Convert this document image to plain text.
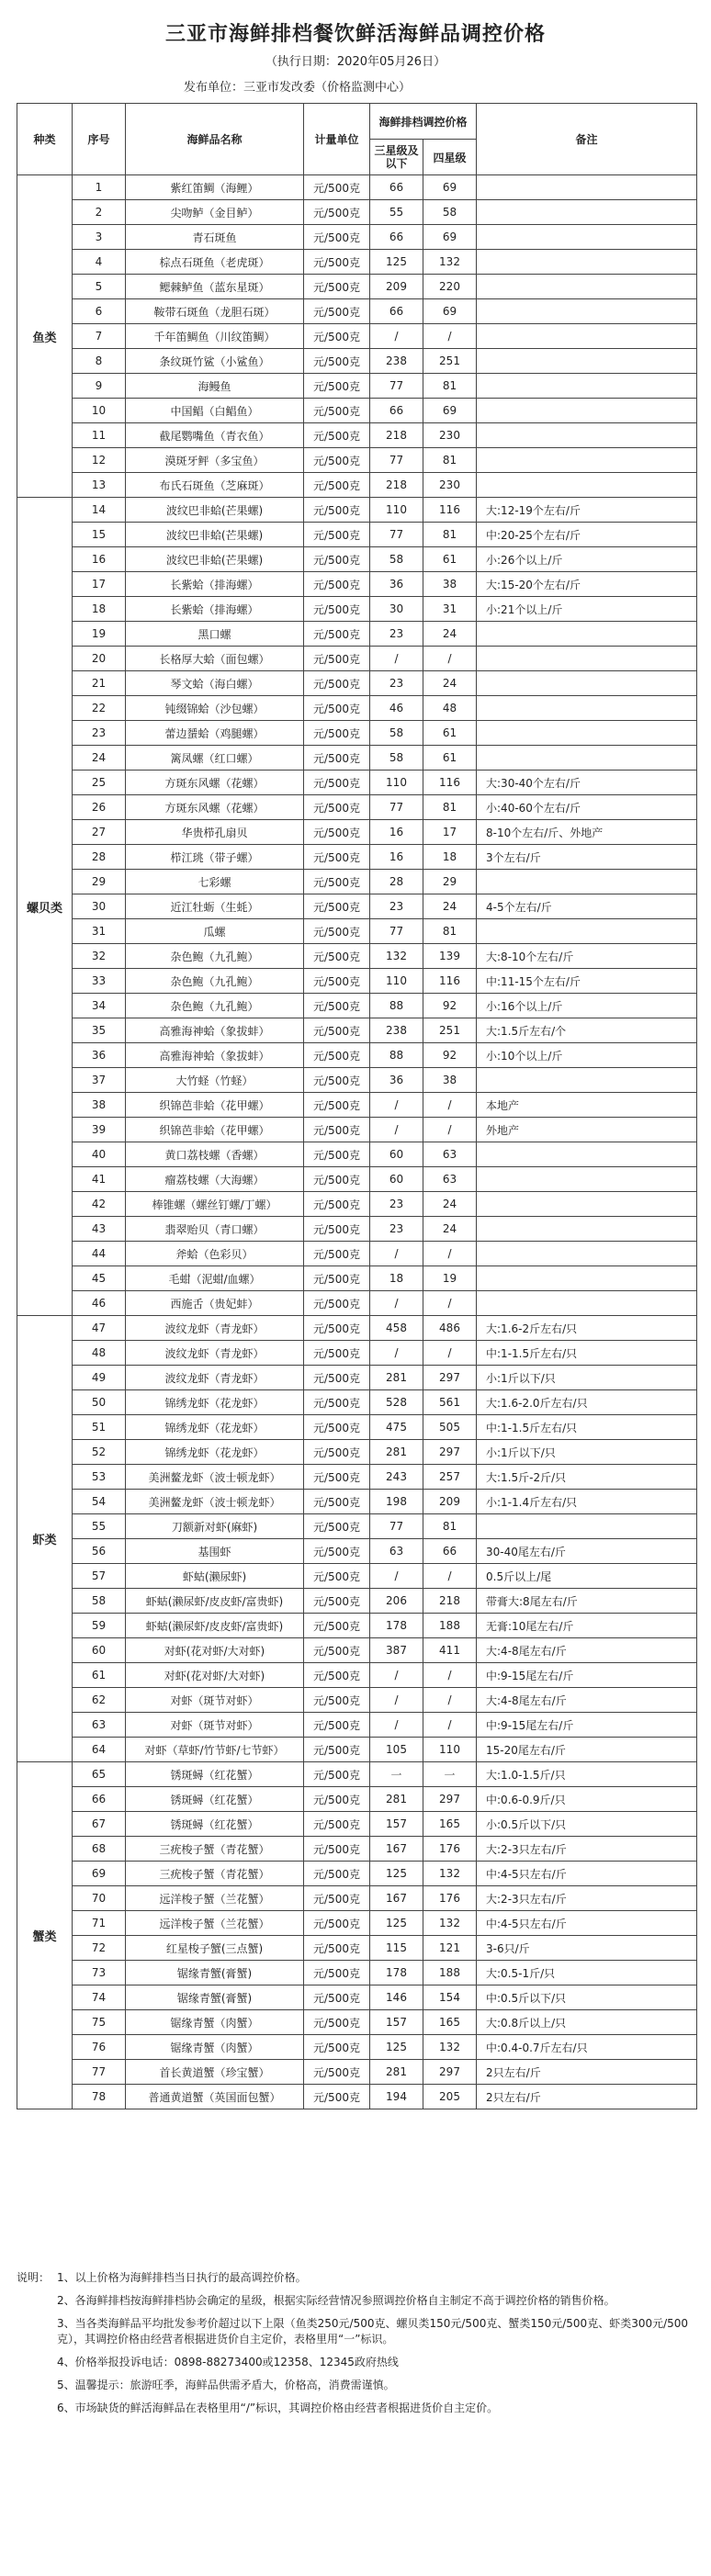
三亚市海鲜排档餐饮鲜活海鲜品调控价格
（执行日期：2020年05月26日）
发布单位：三亚市发改委（价格监测中心）
种类	序号	海鲜品名称	计量单位	海鲜排档调控价格		备注
				三星级及以下	四星级	
鱼类	1	紫红笛鲷（海鲤）	元/500克	66	69	
	2	尖吻鲈（金目鲈）	元/500克	55	58	
	3	青石斑鱼	元/500克	66	69	
	4	棕点石斑鱼（老虎斑）	元/500克	125	132	
	5	鳃棘鲈鱼（蓝东星斑）	元/500克	209	220	
	6	鞍带石斑鱼（龙胆石斑）	元/500克	66	69	
	7	千年笛鲷鱼（川纹笛鲷）	元/500克	/	/	
	8	条纹斑竹鲨（小鲨鱼）	元/500克	238	251	
	9	海鳗鱼	元/500克	77	81	
	10	中国鲳（白鲳鱼）	元/500克	66	69	
	11	截尾鹦嘴鱼（青衣鱼）	元/500克	218	230	
	12	漠斑牙鲆（多宝鱼）	元/500克	77	81	
	13	布氏石斑鱼（芝麻斑）	元/500克	218	230	
螺贝类	14	波纹巴非蛤(芒果螺)	元/500克	110	116	大:12-19个左右/斤
	15	波纹巴非蛤(芒果螺)	元/500克	77	81	中:20-25个左右/斤
	16	波纹巴非蛤(芒果螺)	元/500克	58	61	小:26个以上/斤
	17	长紫蛤（排海螺）	元/500克	36	38	大:15-20个左右/斤
	18	长紫蛤（排海螺）	元/500克	30	31	小:21个以上/斤
	19	黑口螺	元/500克	23	24	
	20	长格厚大蛤（面包螺）	元/500克	/	/	
	21	琴文蛤（海白螺）	元/500克	23	24	
	22	钝缀锦蛤（沙包螺）	元/500克	46	48	
	23	蕾边蜑蛤（鸡腿螺）	元/500克	58	61	
	24	篱凤螺（红口螺）	元/500克	58	61	
	25	方斑东风螺（花螺）	元/500克	110	116	大:30-40个左右/斤
	26	方斑东风螺（花螺）	元/500克	77	81	小:40-60个左右/斤
	27	华贵栉孔扇贝	元/500克	16	17	8-10个左右/斤、外地产
	28	栉江珧（带子螺）	元/500克	16	18	3个左右/斤
	29	七彩螺	元/500克	28	29	
	30	近江牡蛎（生蚝）	元/500克	23	24	4-5个左右/斤
	31	瓜螺	元/500克	77	81	
	32	杂色鲍（九孔鲍）	元/500克	132	139	大:8-10个左右/斤
	33	杂色鲍（九孔鲍）	元/500克	110	116	中:11-15个左右/斤
	34	杂色鲍（九孔鲍）	元/500克	88	92	小:16个以上/斤
	35	高雅海神蛤（象拔蚌）	元/500克	238	251	大:1.5斤左右/个
	36	高雅海神蛤（象拔蚌）	元/500克	88	92	小:10个以上/斤
	37	大竹蛏（竹蛏）	元/500克	36	38	
	38	织锦芭非蛤（花甲螺）	元/500克	/	/	本地产
	39	织锦芭非蛤（花甲螺）	元/500克	/	/	外地产
	40	黄口荔枝螺（香螺）	元/500克	60	63	
	41	瘤荔枝螺（大海螺）	元/500克	60	63	
	42	棒锥螺（螺丝钉螺/丁螺）	元/500克	23	24	
	43	翡翠贻贝（青口螺）	元/500克	23	24	
	44	斧蛤（色彩贝）	元/500克	/	/	
	45	毛蚶（泥蚶/血螺）	元/500克	18	19	
	46	西施舌（贵妃蚌）	元/500克	/	/	
虾类	47	波纹龙虾（青龙虾）	元/500克	458	486	大:1.6-2斤左右/只
	48	波纹龙虾（青龙虾）	元/500克	/	/	中:1-1.5斤左右/只
	49	波纹龙虾（青龙虾）	元/500克	281	297	小:1斤以下/只
	50	锦绣龙虾（花龙虾）	元/500克	528	561	大:1.6-2.0斤左右/只
	51	锦绣龙虾（花龙虾）	元/500克	475	505	中:1-1.5斤左右/只
	52	锦绣龙虾（花龙虾）	元/500克	281	297	小:1斤以下/只
	53	美洲鳌龙虾（波士顿龙虾）	元/500克	243	257	大:1.5斤-2斤/只
	54	美洲鳌龙虾（波士顿龙虾）	元/500克	198	209	小:1-1.4斤左右/只
	55	刀额新对虾(麻虾)	元/500克	77	81	
	56	基围虾	元/500克	63	66	30-40尾左右/斤
	57	虾蛄(濑尿虾)	元/500克	/	/	0.5斤以上/尾
	58	虾蛄(濑尿虾/皮皮虾/富贵虾)	元/500克	206	218	带膏大:8尾左右/斤
	59	虾蛄(濑尿虾/皮皮虾/富贵虾)	元/500克	178	188	无膏:10尾左右/斤
	60	对虾(花对虾/大对虾)	元/500克	387	411	大:4-8尾左右/斤
	61	对虾(花对虾/大对虾)	元/500克	/	/	中:9-15尾左右/斤
	62	对虾（斑节对虾）	元/500克	/	/	大:4-8尾左右/斤
	63	对虾（斑节对虾）	元/500克	/	/	中:9-15尾左右/斤
	64	对虾（草虾/竹节虾/七节虾）	元/500克	105	110	15-20尾左右/斤
蟹类	65	锈斑蟳（红花蟹）	元/500克	一	一	大:1.0-1.5斤/只
	66	锈斑蟳（红花蟹）	元/500克	281	297	中:0.6-0.9斤/只
	67	锈斑蟳（红花蟹）	元/500克	157	165	小:0.5斤以下/只
	68	三疣梭子蟹（青花蟹）	元/500克	167	176	大:2-3只左右/斤
	69	三疣梭子蟹（青花蟹）	元/500克	125	132	中:4-5只左右/斤
	70	远洋梭子蟹（兰花蟹）	元/500克	167	176	大:2-3只左右/斤
	71	远洋梭子蟹（兰花蟹）	元/500克	125	132	中:4-5只左右/斤
	72	红星梭子蟹(三点蟹)	元/500克	115	121	3-6只/斤
	73	锯缘青蟹(膏蟹)	元/500克	178	188	大:0.5-1斤/只
	74	锯缘青蟹(膏蟹)	元/500克	146	154	中:0.5斤以下/只
	75	锯缘青蟹（肉蟹）	元/500克	157	165	大:0.8斤以上/只
	76	锯缘青蟹（肉蟹）	元/500克	125	132	中:0.4-0.7斤左右/只
	77	首长黄道蟹（珍宝蟹）	元/500克	281	297	2只左右/斤
	78	普通黄道蟹（英国面包蟹）	元/500克	194	205	2只左右/斤
说明： 1、以上价格为海鲜排档当日执行的最高调控价格。
2、各海鲜排档按海鲜排档协会确定的星级，根据实际经营情况参照调控价格自主制定不高于调控价格的销售价格。
3、当各类海鲜品平均批发参考价超过以下上限（鱼类250元/500克、螺贝类150元/500克、蟹类150元/500克、虾类300元/500克），其调控价格由经营者根据进货价自主定价，表格里用“一”标识。
4、价格举报投诉电话：0898-88273400或12358、12345政府热线
5、温馨提示：旅游旺季，海鲜品供需矛盾大，价格高，消费需谨慎。
6、市场缺货的鲜活海鲜品在表格里用“/”标识，其调控价格由经营者根据进货价自主定价。
